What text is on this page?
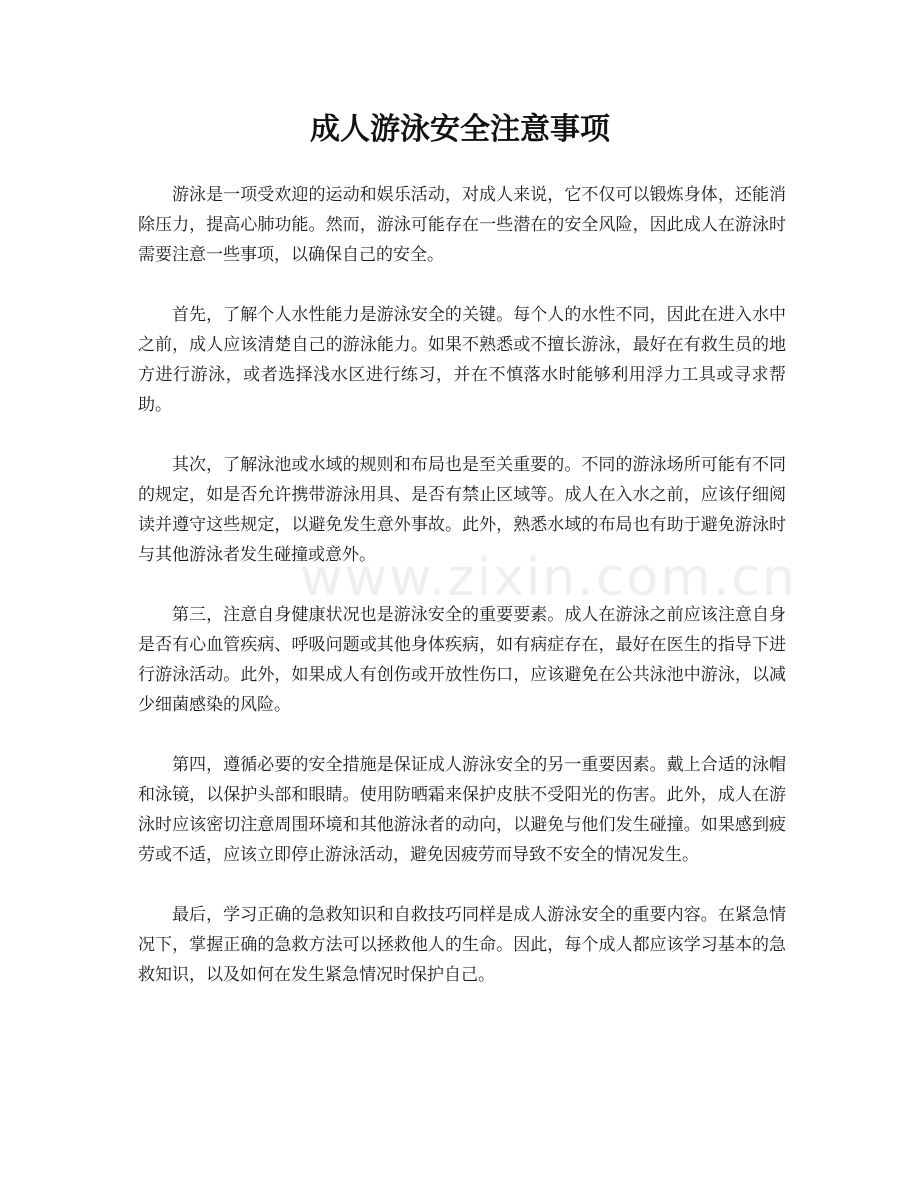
成人游泳安全注意事项

游泳是一项受欢迎的运动和娱乐活动，对成人来说，它不仅可以锻炼身体，还能消除压力，提高心肺功能。然而，游泳可能存在一些潜在的安全风险，因此成人在游泳时需要注意一些事项，以确保自己的安全。

首先，了解个人水性能力是游泳安全的关键。每个人的水性不同，因此在进入水中之前，成人应该清楚自己的游泳能力。如果不熟悉或不擅长游泳，最好在有救生员的地方进行游泳，或者选择浅水区进行练习，并在不慎落水时能够利用浮力工具或寻求帮助。

其次，了解泳池或水域的规则和布局也是至关重要的。不同的游泳场所可能有不同的规定，如是否允许携带游泳用具、是否有禁止区域等。成人在入水之前，应该仔细阅读并遵守这些规定，以避免发生意外事故。此外，熟悉水域的布局也有助于避免游泳时与其他游泳者发生碰撞或意外。

第三，注意自身健康状况也是游泳安全的重要要素。成人在游泳之前应该注意自身是否有心血管疾病、呼吸问题或其他身体疾病，如有病症存在，最好在医生的指导下进行游泳活动。此外，如果成人有创伤或开放性伤口，应该避免在公共泳池中游泳，以减少细菌感染的风险。

第四，遵循必要的安全措施是保证成人游泳安全的另一重要因素。戴上合适的泳帽和泳镜，以保护头部和眼睛。使用防晒霜来保护皮肤不受阳光的伤害。此外，成人在游泳时应该密切注意周围环境和其他游泳者的动向，以避免与他们发生碰撞。如果感到疲劳或不适，应该立即停止游泳活动，避免因疲劳而导致不安全的情况发生。

最后，学习正确的急救知识和自救技巧同样是成人游泳安全的重要内容。在紧急情况下，掌握正确的急救方法可以拯救他人的生命。因此，每个成人都应该学习基本的急救知识，以及如何在发生紧急情况时保护自己。

www.zixin.com.cn
